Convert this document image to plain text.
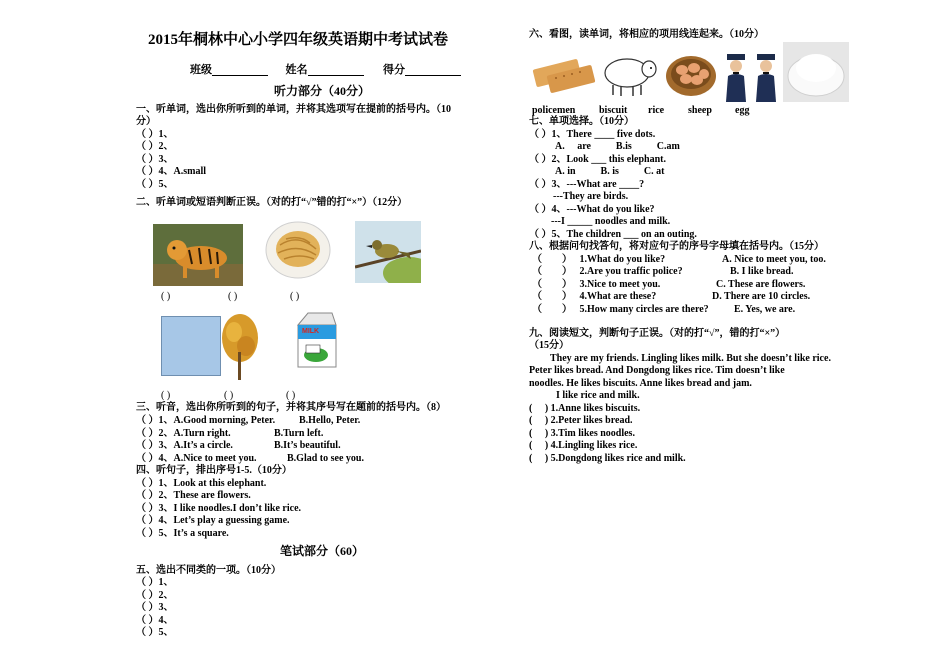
2015年桐林中心小学四年级英语期中考试试卷
班级	姓名	得分
听力部分（40分）
一、听单词，选出你所听到的单词，并将其选项写在提前的括号内。（10
分）
（ ）1、
（ ）2、
（ ）3、
（ ）4、A.small
（ ）5、
二、听单词或短语判断正误。（对的打“√”错的打“×”）（12分）
( )	( )	( )
MILK
( )	( )	( )
三、听音，选出你所听到的句子，并将其序号写在题前的括号内。（8）
（ ）1、A.Good morning, Peter. B.Hello, Peter.
（ ）2、A.Turn right.	B.Turn left.
（ ）3、A.It’s a circle.	B.It’s beautiful.
（ ）4、A.Nice to meet you.	B.Glad to see you.
四、听句子，排出序号1-5.（10分）
（ ）1、Look at this elephant.
（ ）2、These are flowers.
（ ）3、I like noodles.I don’t like rice.
（ ）4、Let’s play a guessing game.
（ ）5、It’s a square.
笔试部分（60）
五、选出不同类的一项。（10分）
（ ）1、
（ ）2、
（ ）3、
（ ）4、
（ ）5、
六、看图，读单词，将相应的项用线连起来。（10分）
policemen biscuit rice sheep egg
七、单项选择。（10分）
（ ）1、There ____ five dots.
A.     are          B.is          C.am
（ ）2、Look ___ this elephant.
A. in          B. is          C. at
（ ）3、---What are ____?
---They are birds.
（ ）4、---What do you like?
---I _____ noodles and milk.
（ ）5、The children ___ on an outing.
八、根据问句找答句，将对应句子的序号字母填在括号内。（15分）
（        ）   1.What do you like?	A. Nice to meet you, too.
（        ）   2.Are you traffic police?	B. I like bread.
（        ）   3.Nice to meet you.	C. These are flowers.
（        ）   4.What are these?	D. There are 10 circles.
（        ）   5.How many circles are there?	E. Yes, we are.
九、阅读短文，判断句子正误。（对的打“√”，错的打“×”）
（15分）
They are my friends. Lingling likes milk. But she doesn’t like rice.
Peter likes bread. And Dongdong likes rice. Tim doesn’t like
noodles. He likes biscuits. Anne likes bread and jam.
I like rice and milk.
(     ) 1.Anne likes biscuits.
(     ) 2.Peter likes bread.
(     ) 3.Tim likes noodles.
(     ) 4.Lingling likes rice.
(     ) 5.Dongdong likes rice and milk.
